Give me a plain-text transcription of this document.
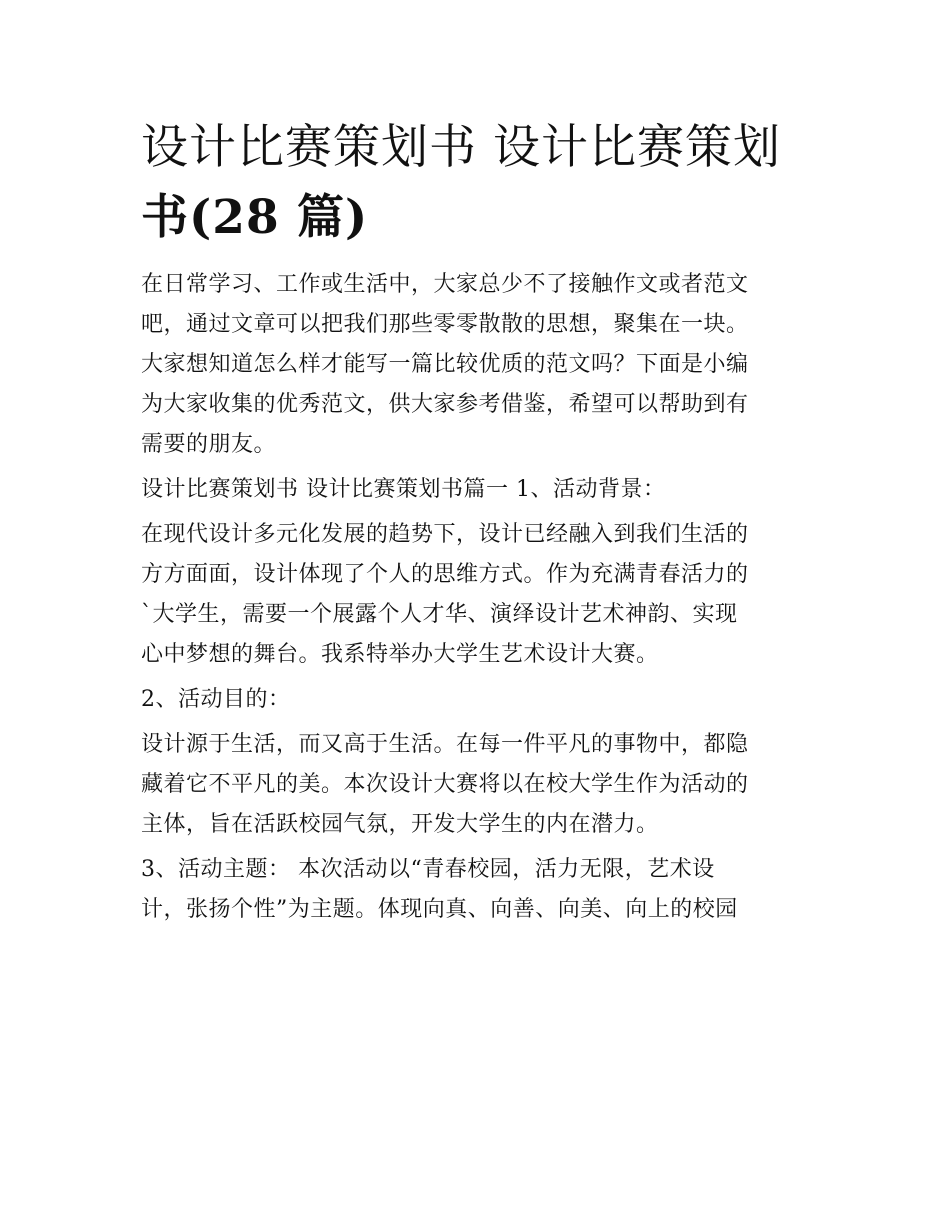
设计比赛策划书 设计比赛策划
书(28 篇)

在日常学习、工作或生活中，大家总少不了接触作文或者范文

吧，通过文章可以把我们那些零零散散的思想，聚集在一块。

大家想知道怎么样才能写一篇比较优质的范文吗？下面是小编

为大家收集的优秀范文，供大家参考借鉴，希望可以帮助到有

需要的朋友。

设计比赛策划书 设计比赛策划书篇一 1、活动背景：

在现代设计多元化发展的趋势下，设计已经融入到我们生活的

方方面面，设计体现了个人的思维方式。作为充满青春活力的

`大学生，需要一个展露个人才华、演绎设计艺术神韵、实现

心中梦想的舞台。我系特举办大学生艺术设计大赛。

2、活动目的：

设计源于生活，而又高于生活。在每一件平凡的事物中，都隐

藏着它不平凡的美。本次设计大赛将以在校大学生作为活动的

主体，旨在活跃校园气氛，开发大学生的内在潜力。

3、活动主题： 本次活动以“青春校园，活力无限，艺术设

计，张扬个性”为主题。体现向真、向善、向美、向上的校园
